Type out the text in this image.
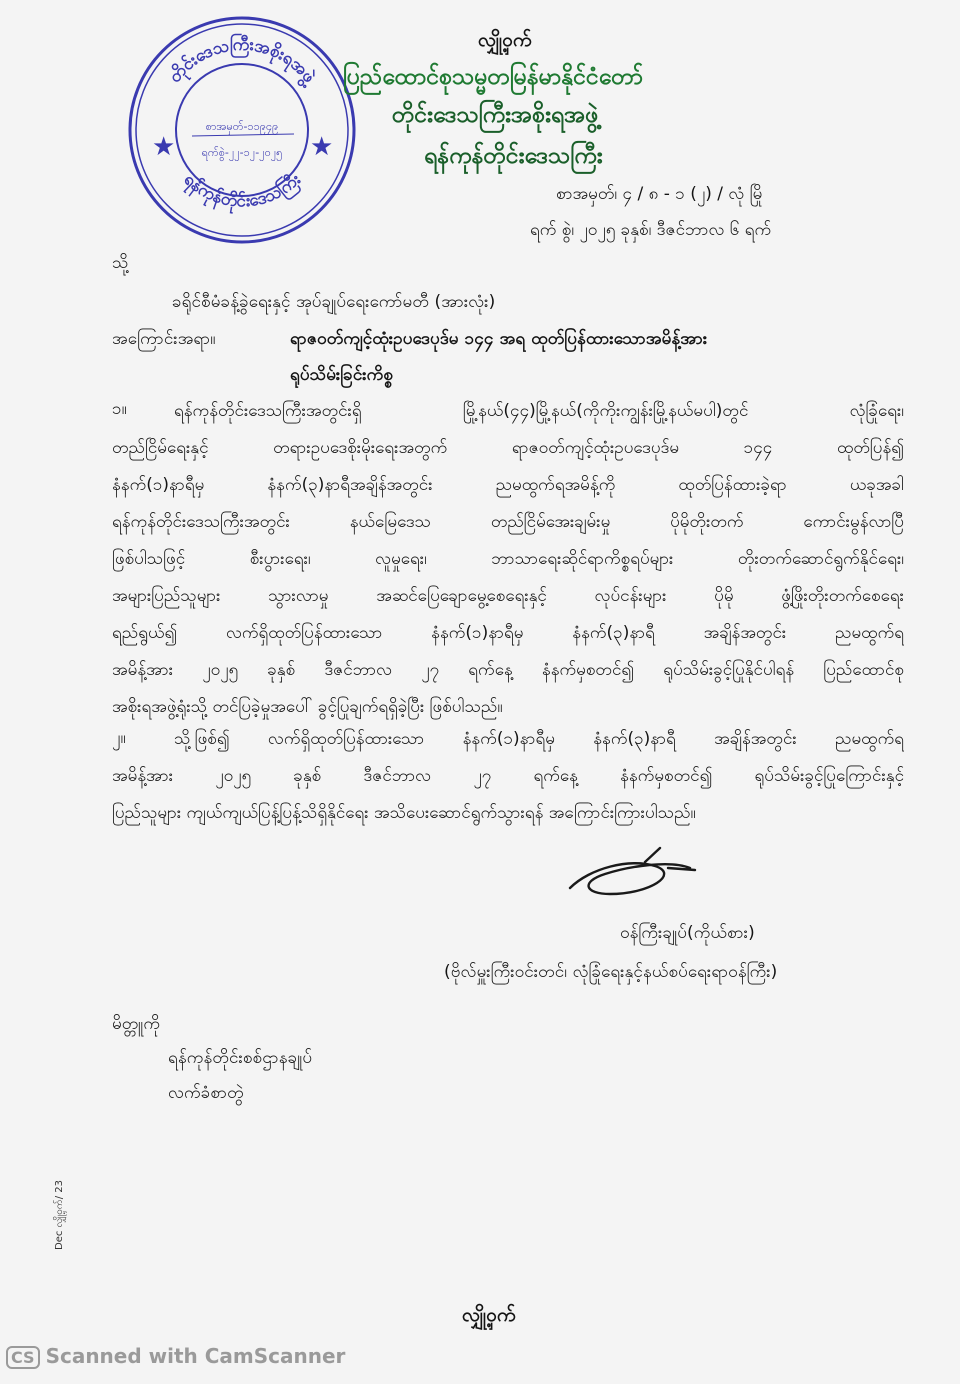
တိုင်းဒေသကြီးအစိုးရအဖွဲ့
ရန်ကုန်တိုင်းဒေသကြီး
★	★
စာအမှတ်-၁၁၉၄၉
ရက်စွဲ-၂၂-၁၂-၂၀၂၅
လျှို့ဝှက်
ပြည်ထောင်စုသမ္မတမြန်မာနိုင်ငံတော်
တိုင်းဒေသကြီးအစိုးရအဖွဲ့
ရန်ကုန်တိုင်းဒေသကြီး
စာအမှတ်၊ ၄ / ၈ - ၁ (၂) / လုံ မြို
ရက် စွဲ၊ ၂၀၂၅ ခုနှစ်၊ ဒီဇင်ဘာလ ၆ ရက်
သို့
ခရိုင်စီမံခန့်ခွဲရေးနှင့် အုပ်ချုပ်ရေးကော်မတီ (အားလုံး)
အကြောင်းအရာ။	ရာဇဝတ်ကျင့်ထုံးဥပဒေပုဒ်မ ၁၄၄ အရ ထုတ်ပြန်ထားသောအမိန့်အား
ရုပ်သိမ်းခြင်းကိစ္စ
၁။	ရန်ကုန်တိုင်းဒေသကြီးအတွင်းရှိ မြို့နယ်(၄၄)မြို့နယ်(ကိုကိုးကျွန်းမြို့နယ်မပါ)တွင် လုံခြုံရေး၊
တည်ငြိမ်ရေးနှင့် တရားဥပဒေစိုးမိုးရေးအတွက် ရာဇဝတ်ကျင့်ထုံးဥပဒေပုဒ်မ ၁၄၄ ထုတ်ပြန်၍
နံနက်(၁)နာရီမှ နံနက်(၃)နာရီအချိန်အတွင်း ညမထွက်ရအမိန့်ကို ထုတ်ပြန်ထားခဲ့ရာ ယခုအခါ
ရန်ကုန်တိုင်းဒေသကြီးအတွင်း နယ်မြေဒေသ တည်ငြိမ်အေးချမ်းမှု ပိုမိုတိုးတက် ကောင်းမွန်လာပြီ
ဖြစ်ပါသဖြင့် စီးပွားရေး၊ လူမှုရေး၊ ဘာသာရေးဆိုင်ရာကိစ္စရပ်များ တိုးတက်ဆောင်ရွက်နိုင်ရေး၊
အများပြည်သူများ သွားလာမှု အဆင်ပြေချောမွေ့စေရေးနှင့် လုပ်ငန်းများ ပိုမို ဖွံ့ဖြိုးတိုးတက်စေရေး
ရည်ရွယ်၍ လက်ရှိထုတ်ပြန်ထားသော နံနက်(၁)နာရီမှ နံနက်(၃)နာရီ အချိန်အတွင်း ညမထွက်ရ
အမိန့်အား ၂၀၂၅ ခုနှစ် ဒီဇင်ဘာလ ၂၇ ရက်နေ့ နံနက်မှစတင်၍ ရုပ်သိမ်းခွင့်ပြုနိုင်ပါရန် ပြည်ထောင်စု
အစိုးရအဖွဲ့ရုံးသို့ တင်ပြခဲ့မှုအပေါ် ခွင့်ပြုချက်ရရှိခဲ့ပြီး ဖြစ်ပါသည်။
၂။	သို့ဖြစ်၍ လက်ရှိထုတ်ပြန်ထားသော နံနက်(၁)နာရီမှ နံနက်(၃)နာရီ အချိန်အတွင်း ညမထွက်ရ
အမိန့်အား ၂၀၂၅ ခုနှစ် ဒီဇင်ဘာလ ၂၇ ရက်နေ့ နံနက်မှစတင်၍ ရုပ်သိမ်းခွင့်ပြုကြောင်းနှင့်
ပြည်သူများ ကျယ်ကျယ်ပြန့်ပြန့်သိရှိနိုင်ရေး အသိပေးဆောင်ရွက်သွားရန် အကြောင်းကြားပါသည်။
ဝန်ကြီးချုပ်(ကိုယ်စား)
(ဗိုလ်မှူးကြီးဝင်းတင်၊ လုံခြုံရေးနှင့်နယ်စပ်ရေးရာဝန်ကြီး)
မိတ္တူကို
ရန်ကုန်တိုင်းစစ်ဌာနချုပ်
လက်ခံစာတွဲ
Dec လျှို့ဝှက်/ 23
လျှို့ဝှက်
CS Scanned with CamScanner
